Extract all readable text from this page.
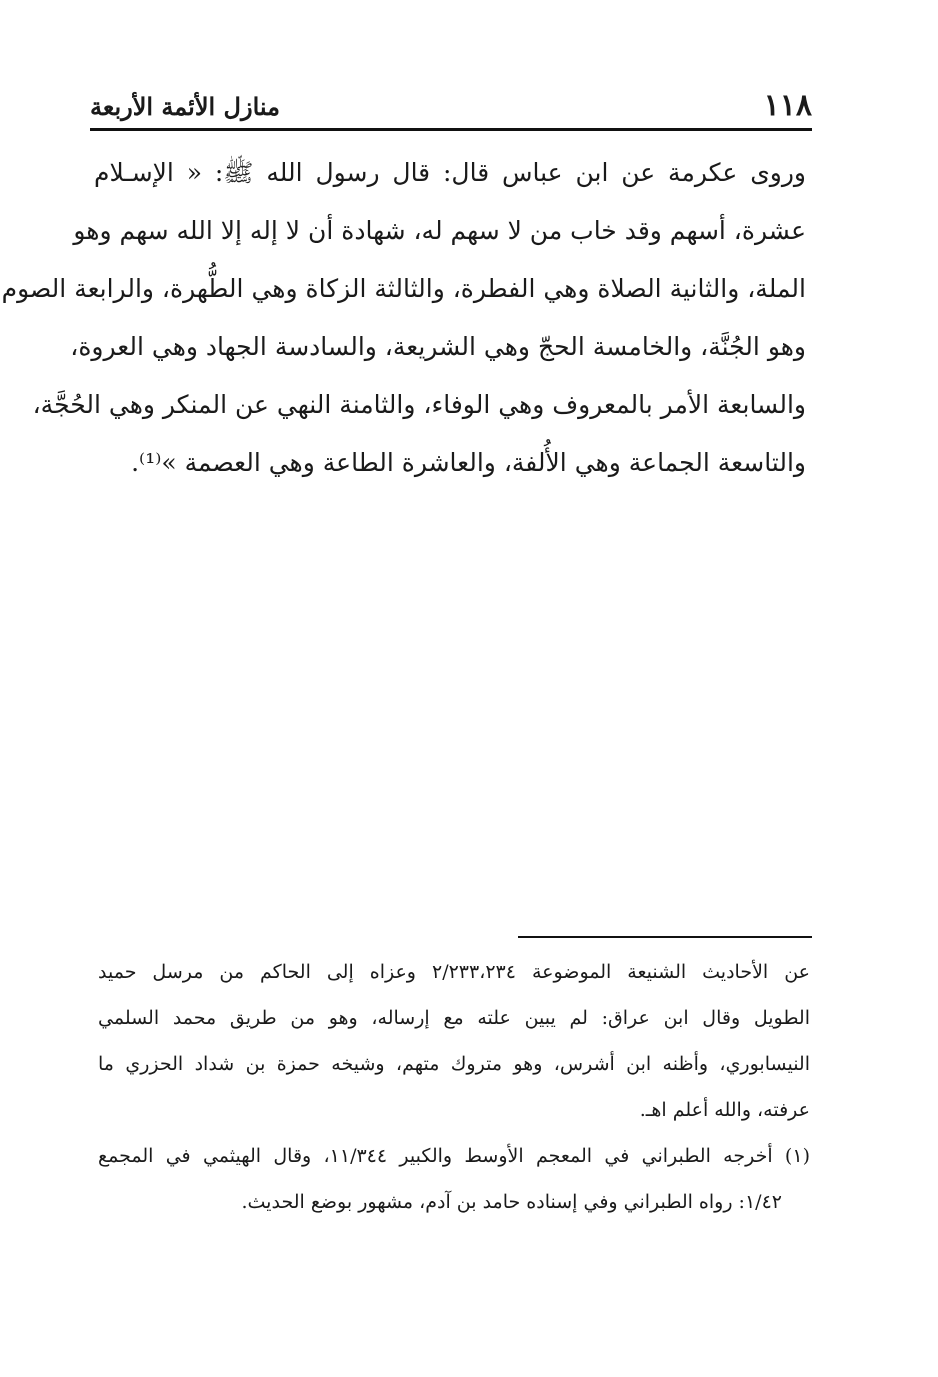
١١٨
منازل الأئمة الأربعة
وروى عكرمة عن ابن عباس قال: قال رسول الله ﷺ: « الإسـلام
عشرة، أسهم وقد خاب من لا سهم له، شهادة أن لا إله إلا الله سهم وهو
الملة، والثانية الصلاة وهي الفطرة، والثالثة الزكاة وهي الطُّهرة، والرابعة الصوم
وهو الجُنَّة، والخامسة الحجّ وهي الشريعة، والسادسة الجهاد وهي العروة،
والسابعة الأمر بالمعروف وهي الوفاء، والثامنة النهي عن المنكر وهي الحُجَّة،
والتاسعة الجماعة وهي الأُلفة، والعاشرة الطاعة وهي العصمة »⁽¹⁾.
عن الأحاديث الشنيعة الموضوعة ٢/٢٣٣،٢٣٤ وعزاه إلى الحاكم من مرسل حميد
الطويل وقال ابن عراق: لم يبين علته مع إرساله، وهو من طريق محمد السلمي
النيسابوري، وأظنه ابن أشرس، وهو متروك متهم، وشيخه حمزة بن شداد الحزري ما
عرفته، والله أعلم اهـ.
(١) أخرجه الطبراني في المعجم الأوسط والكبير ١١/٣٤٤، وقال الهيثمي في المجمع
١/٤٢: رواه الطبراني وفي إسناده حامد بن آدم، مشهور بوضع الحديث.
